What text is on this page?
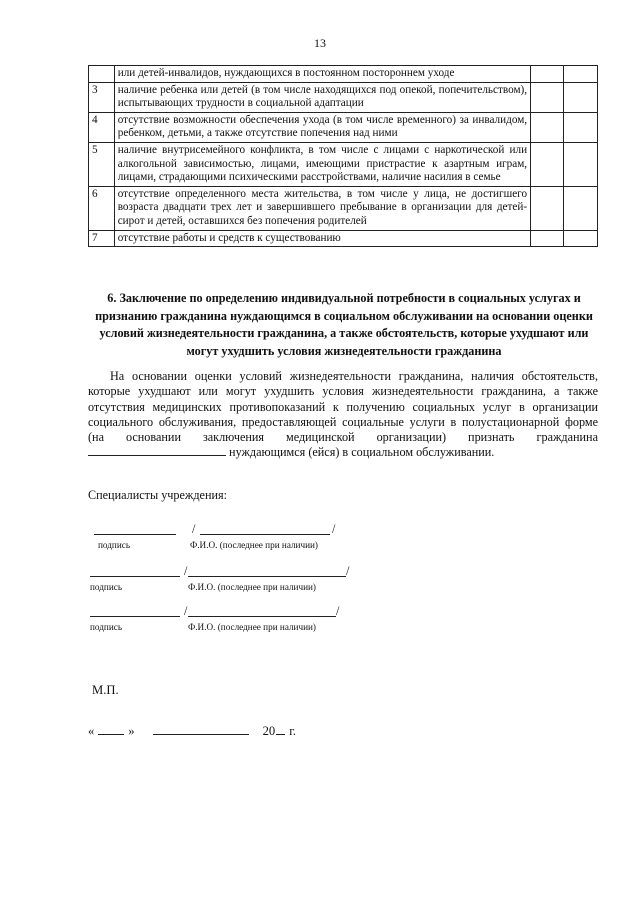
13
	или детей-инвалидов, нуждающихся в постоянном постороннем уходе		
3	наличие ребенка или детей (в том числе находящихся под опекой, попечительством), испытывающих трудности в социальной адаптации		
4	отсутствие возможности обеспечения ухода (в том числе временного) за инвалидом, ребенком, детьми, а также отсутствие попечения над ними		
5	наличие внутрисемейного конфликта, в том числе с лицами с наркотической или алкогольной зависимостью, лицами, имеющими пристрастие к азартным играм, лицами, страдающими психическими расстройствами, наличие насилия в семье		
6	отсутствие определенного места жительства, в том числе у лица, не достигшего возраста двадцати трех лет и завершившего пребывание в организации для детей-сирот и детей, оставшихся без попечения родителей		
7	отсутствие работы и средств к существованию		
6. Заключение по определению индивидуальной потребности в социальных услугах и признанию гражданина нуждающимся в социальном обслуживании на основании оценки условий жизнедеятельности гражданина, а также обстоятельств, которые ухудшают или могут ухудшить условия жизнедеятельности гражданина
На основании оценки условий жизнедеятельности гражданина, наличия обстоятельств, которые ухудшают или могут ухудшить условия жизнедеятельности гражданина, а также отсутствия медицинских противопоказаний к получению социальных услуг в организации социального обслуживания, предоставляющей социальные услуги в полустационарной форме (на основании заключения медицинской организации) признать гражданина  нуждающимся (ейся) в социальном обслуживании.
Специалисты учреждения:
/	/
подпись	Ф.И.О. (последнее при наличии)
/	/
подпись	Ф.И.О. (последнее при наличии)
/	/
подпись	Ф.И.О. (последнее при наличии)
М.П.
«	»	20 г.
